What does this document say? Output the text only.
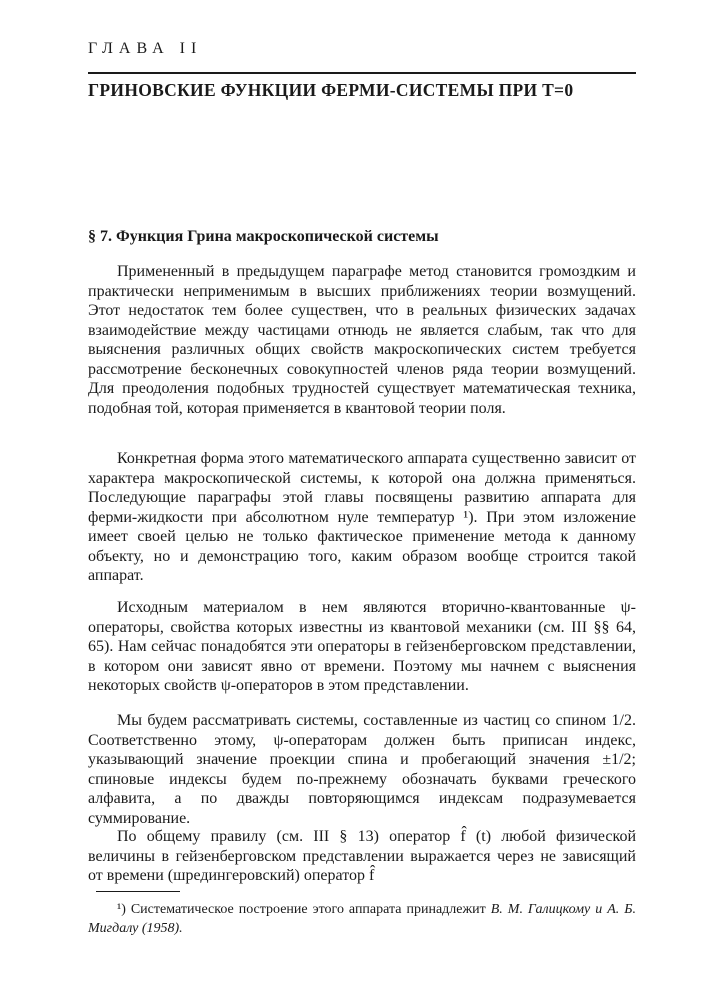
ГЛАВА II
ГРИНОВСКИЕ ФУНКЦИИ ФЕРМИ-СИСТЕМЫ ПРИ T=0
§ 7. Функция Грина макроскопической системы

Примененный в предыдущем параграфе метод становится громоздким и практически неприменимым в высших приближениях теории возмущений. Этот недостаток тем более существен, что в реальных физических задачах взаимодействие между частицами отнюдь не является слабым, так что для выяснения различных общих свойств макроскопических систем требуется рассмотрение бесконечных совокупностей членов ряда теории возмущений. Для преодоления подобных трудностей существует математическая техника, подобная той, которая применяется в квантовой теории поля.

Конкретная форма этого математического аппарата существенно зависит от характера макроскопической системы, к которой она должна применяться. Последующие параграфы этой главы посвящены развитию аппарата для ферми-жидкости при абсолютном нуле температур ¹). При этом изложение имеет своей целью не только фактическое применение метода к данному объекту, но и демонстрацию того, каким образом вообще строится такой аппарат.

Исходным материалом в нем являются вторично-квантованные ψ-операторы, свойства которых известны из квантовой механики (см. III §§ 64, 65). Нам сейчас понадобятся эти операторы в гейзенберговском представлении, в котором они зависят явно от времени. Поэтому мы начнем с выяснения некоторых свойств ψ-операторов в этом представлении.

Мы будем рассматривать системы, составленные из частиц со спином 1/2. Соответственно этому, ψ-операторам должен быть приписан индекс, указывающий значение проекции спина и пробегающий значения ±1/2; спиновые индексы будем по-прежнему обозначать буквами греческого алфавита, а по дважды повторяющимся индексам подразумевается суммирование.

По общему правилу (см. III § 13) оператор f̂ (t) любой физической величины в гейзенберговском представлении выражается через не зависящий от времени (шредингеровский) оператор f̂

¹) Систематическое построение этого аппарата принадлежит В. М. Галицкому и А. Б. Мигдалу (1958).
